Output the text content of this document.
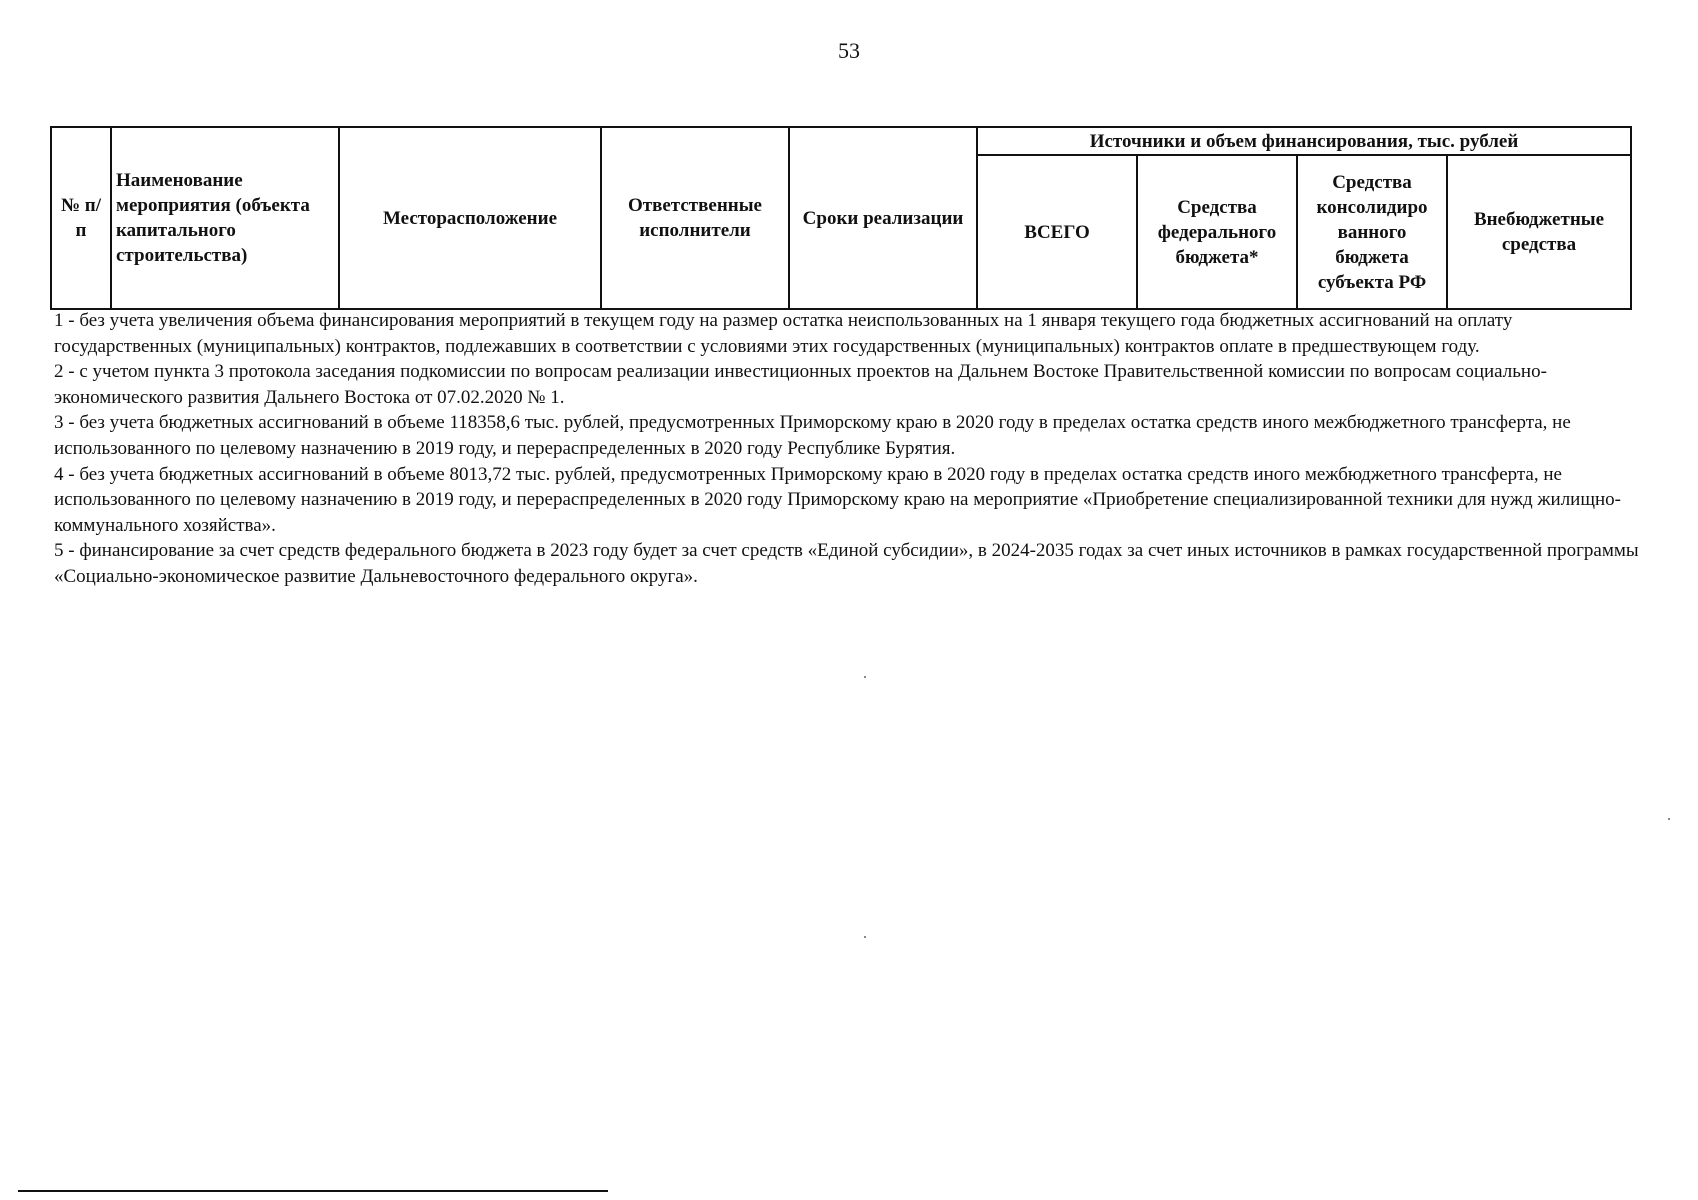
53
№ п/п	Наименование мероприятия (объекта капитального строительства)	Месторасположение	Ответственные исполнители	Сроки реализации	Источники и объем финансирования, тыс. рублей			
					ВСЕГО	Средства федерального бюджета*	Средства консолидиро ванного бюджета субъекта РФ	Внебюджетные средства

1 - без учета увеличения объема финансирования мероприятий в текущем году на размер остатка неиспользованных на 1 января текущего года бюджетных ассигнований на оплату государственных (муниципальных) контрактов, подлежавших в соответствии с условиями этих государственных (муниципальных) контрактов оплате в предшествующем году.

2 - с учетом пункта 3 протокола заседания подкомиссии по вопросам реализации инвестиционных проектов на Дальнем Востоке Правительственной комиссии по вопросам социально-экономического развития Дальнего Востока от 07.02.2020 № 1.

3 - без учета бюджетных ассигнований в объеме 118358,6 тыс. рублей, предусмотренных Приморскому краю в 2020 году в пределах остатка средств иного межбюджетного трансферта, не использованного по целевому назначению в 2019 году, и перераспределенных в 2020 году Республике Бурятия.

4 - без учета бюджетных ассигнований в объеме 8013,72 тыс. рублей, предусмотренных Приморскому краю в 2020 году в пределах остатка средств иного межбюджетного трансферта, не использованного по целевому назначению в 2019 году, и перераспределенных в 2020 году Приморскому краю на мероприятие «Приобретение специализированной техники для нужд жилищно-коммунального хозяйства».

5 - финансирование за счет средств федерального бюджета в 2023 году будет за счет средств «Единой субсидии», в 2024-2035 годах за счет иных источников в рамках государственной программы «Социально-экономическое развитие Дальневосточного федерального округа».
